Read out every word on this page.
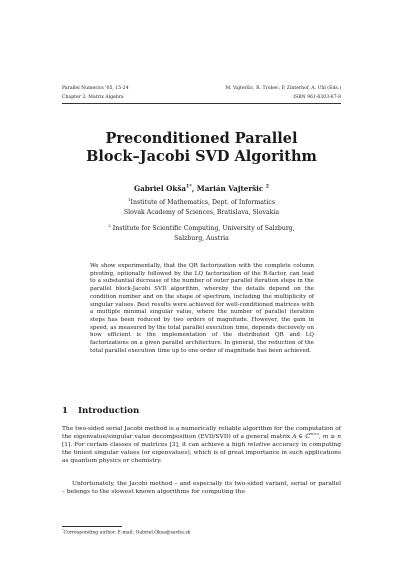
Parallel Numerics '05, 15-24	M. Vajteršic, R. Trobec, P. Zinterhof, A. Uhl (Eds.)
Chapter 2: Matrix Algebra	ISBN 961-6303-67-8
Preconditioned Parallel
Block–Jacobi SVD Algorithm
Gabriel Okša$^{1*}$, Marián Vajteršic $^2$
$^1$Institute of Mathematics, Dept. of Informatics
Slovak Academy of Sciences, Bratislava, Slovakia
$^2$ Institute for Scientific Computing, University of Salzburg,
Salzburg, Austria
We show experimentally, that the QR factorization with the complete column pivoting, optionally followed by the LQ factorization of the R-factor, can lead to a substantial decrease of the number of outer parallel iteration steps in the parallel block-Jacobi SVD algorithm, whereby the details depend on the condition number and on the shape of spectrum, including the multiplicity of singular values. Best results were achieved for well-conditioned matrices with a multiple minimal singular value, where the number of parallel iteration steps has been reduced by two orders of magnitude. However, the gain in speed, as measured by the total parallel execution time, depends decisively on how efficient is the implementation of the distributed QR and LQ factorizations on a given parallel architecture. In general, the reduction of the total parallel execution time up to one order of magnitude has been achieved.
1 Introduction
The two-sided serial Jacobi method is a numerically reliable algorithm for the computation of the eigenvalue/singular value decomposition (EVD/SVD) of a general matrix A ∈ ℂ$^{m\times n}$, m ≥ n [1]. For certain classes of matrices [3], it can achieve a high relative accuracy in computing the tiniest singular values (or eigenvalues), which is of great importance in such applications as quantum physics or chemistry.
Unfortunately, the Jacobi method – and especially its two-sided variant, serial or parallel – belongs to the slowest known algorithms for computing the
*Corresponding author. E-mail: Gabriel.Oksa@savba.sk
